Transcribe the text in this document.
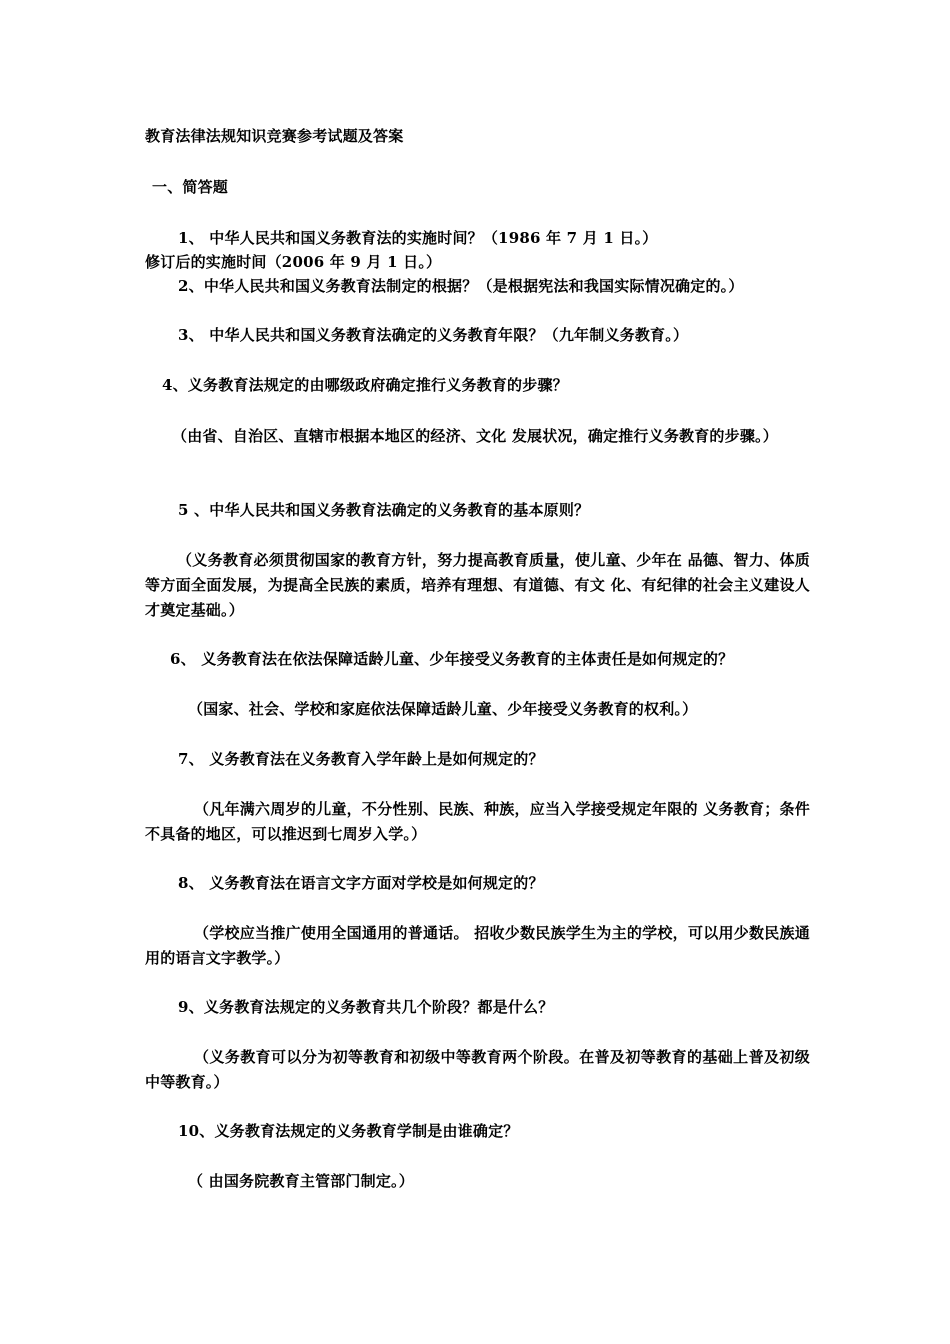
教育法律法规知识竞赛参考试题及答案
一、简答题
1、 中华人民共和国义务教育法的实施时间？（1986 年 7 月 1 日。）
修订后的实施时间（2006 年 9 月 1 日。）
2、中华人民共和国义务教育法制定的根据？（是根据宪法和我国实际情况确定的。）
3、 中华人民共和国义务教育法确定的义务教育年限？（九年制义务教育。）
4、义务教育法规定的由哪级政府确定推行义务教育的步骤？
（由省、自治区、直辖市根据本地区的经济、文化 发展状况，确定推行义务教育的步骤。）
5 、中华人民共和国义务教育法确定的义务教育的基本原则？
（义务教育必须贯彻国家的教育方针，努力提高教育质量，使儿童、少年在 品德、智力、体质等方面全面发展，为提高全民族的素质，培养有理想、有道德、有文 化、有纪律的社会主义建设人才奠定基础。）
6、 义务教育法在依法保障适龄儿童、少年接受义务教育的主体责任是如何规定的？
（国家、社会、学校和家庭依法保障适龄儿童、少年接受义务教育的权利。）
7、 义务教育法在义务教育入学年龄上是如何规定的？
（凡年满六周岁的儿童，不分性别、民族、种族，应当入学接受规定年限的 义务教育；条件不具备的地区，可以推迟到七周岁入学。）
8、 义务教育法在语言文字方面对学校是如何规定的？
（学校应当推广使用全国通用的普通话。 招收少数民族学生为主的学校，可以用少数民族通用的语言文字教学。）
9、义务教育法规定的义务教育共几个阶段？都是什么？
（义务教育可以分为初等教育和初级中等教育两个阶段。在普及初等教育的基础上普及初级中等教育。）
10、义务教育法规定的义务教育学制是由谁确定？
（ 由国务院教育主管部门制定。）
